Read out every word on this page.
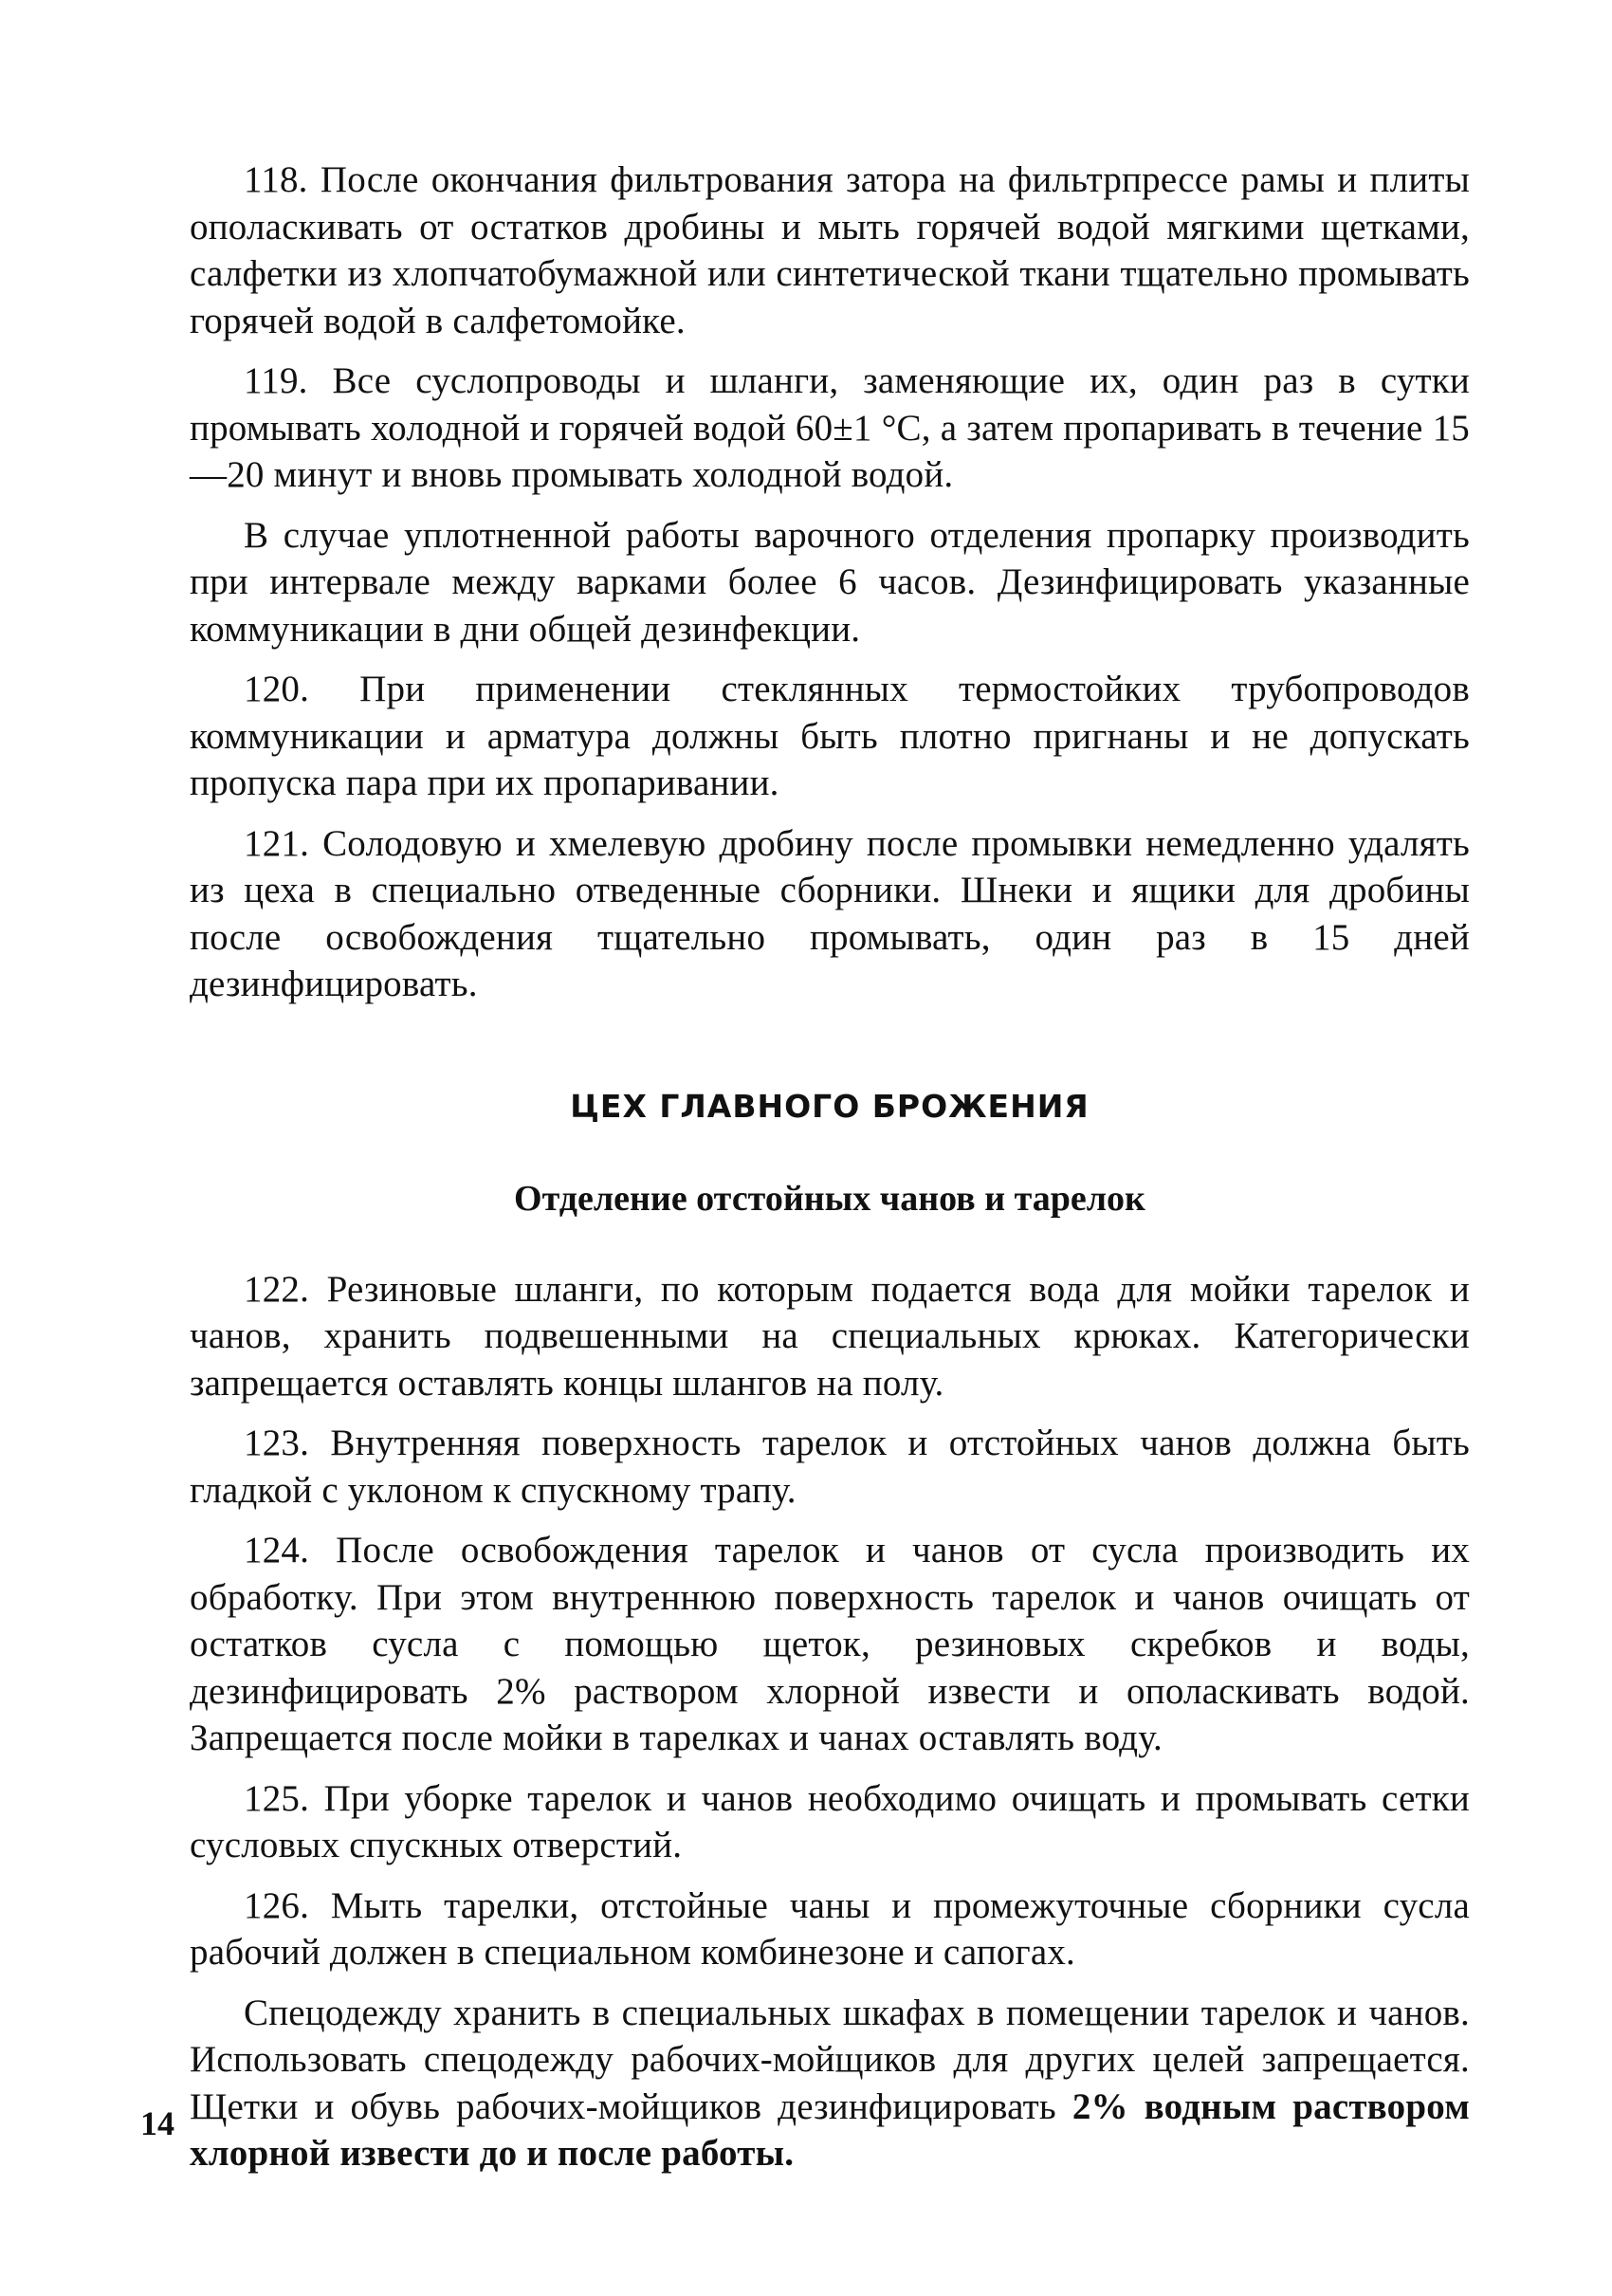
118. После окончания фильтрования затора на фильтрпрессе рамы и плиты ополаскивать от остатков дробины и мыть горячей водой мягкими щетками, салфетки из хлопчатобумажной или синтетической ткани тщательно промывать горячей водой в салфетомойке.

119. Все суслопроводы и шланги, заменяющие их, один раз в сутки промывать холодной и горячей водой 60±1 °С, а затем пропаривать в течение 15—20 минут и вновь промывать холодной водой.

В случае уплотненной работы варочного отделения пропарку производить при интервале между варками более 6 часов. Дезинфицировать указанные коммуникации в дни общей дезинфекции.

120. При применении стеклянных термостойких трубопроводов коммуникации и арматура должны быть плотно пригнаны и не допускать пропуска пара при их пропаривании.

121. Солодовую и хмелевую дробину после промывки немедленно удалять из цеха в специально отведенные сборники. Шнеки и ящики для дробины после освобождения тщательно промывать, один раз в 15 дней дезинфицировать.

ЦЕХ ГЛАВНОГО БРОЖЕНИЯ
Отделение отстойных чанов и тарелок

122. Резиновые шланги, по которым подается вода для мойки тарелок и чанов, хранить подвешенными на специальных крюках. Категорически запрещается оставлять концы шлангов на полу.

123. Внутренняя поверхность тарелок и отстойных чанов должна быть гладкой с уклоном к спускному трапу.

124. После освобождения тарелок и чанов от сусла производить их обработку. При этом внутреннюю поверхность тарелок и чанов очищать от остатков сусла с помощью щеток, резиновых скребков и воды, дезинфицировать 2% раствором хлорной извести и ополаскивать водой. Запрещается после мойки в тарелках и чанах оставлять воду.

125. При уборке тарелок и чанов необходимо очищать и промывать сетки сусловых спускных отверстий.

126. Мыть тарелки, отстойные чаны и промежуточные сборники сусла рабочий должен в специальном комбинезоне и сапогах.

Спецодежду хранить в специальных шкафах в помещении тарелок и чанов. Использовать спецодежду рабочих-мойщиков для других целей запрещается. Щетки и обувь рабочих-мойщиков дезинфицировать 2% водным раствором хлорной извести до и после работы.

14
